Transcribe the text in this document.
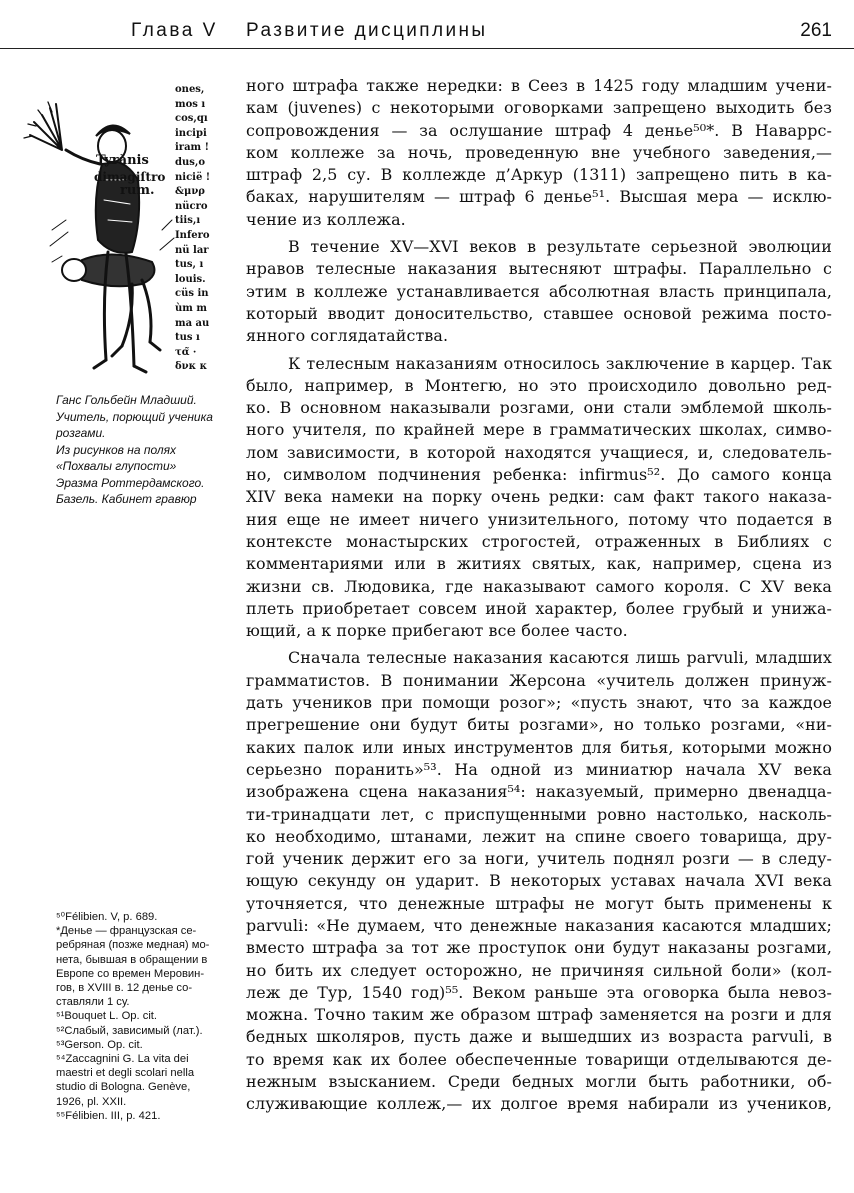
Глава V Развитие дисциплины	261
Tyrănis
dimagiſtro
rum.
ones,
mos ı
cos,qı
incipi
iram !
dus,o
nicië !
&μνρ
nücro
tiis,ı
Infero
nü lar
tus, ı
louis.
cüs in
ùm m
ma au
tus ı
τα̃ ·
δνκ κ
Ганс Гольбейн Младший.
Учитель, порющий ученика
розгами.
Из рисунков на полях
«Похвалы глупости»
Эразма Роттердамского.
Базель. Кабинет гравюр
⁵⁰Félibien. V, p. 689.
*Денье — французская се-
ребряная (позже медная) мо-
нета, бывшая в обращении в
Европе со времен Меровин-
гов, в XVIII в. 12 денье со-
ставляли 1 су.
⁵¹Bouquet L. Op. cit.
⁵²Слабый, зависимый (лат.).
⁵³Gerson. Op. cit.
⁵⁴Zaccagnini G. La vita dei
maestri et degli scolari nella
studio di Bologna. Genève,
1926, pl. XXII.
⁵⁵Félibien. III, p. 421.
ного штрафа также нередки: в Сеез в 1425 году младшим учени-
кам (juvenes) с некоторыми оговорками запрещено выходить без
сопровождения — за ослушание штраф 4 денье⁵⁰*. В Наваррс-
ком коллеже за ночь, проведенную вне учебного заведения,—
штраф 2,5 су. В коллежде д’Аркур (1311) запрещено пить в ка-
баках, нарушителям — штраф 6 денье⁵¹. Высшая мера — исклю-
чение из коллежа.
В течение XV—XVI веков в результате серьезной эволюции
нравов телесные наказания вытесняют штрафы. Параллельно с
этим в коллеже устанавливается абсолютная власть принципала,
который вводит доносительство, ставшее основой режима посто-
янного соглядатайства.
К телесным наказаниям относилось заключение в карцер. Так
было, например, в Монтегю, но это происходило довольно ред-
ко. В основном наказывали розгами, они стали эмблемой школь-
ного учителя, по крайней мере в грамматических школах, симво-
лом зависимости, в которой находятся учащиеся, и, следователь-
но, символом подчинения ребенка: infirmus⁵². До самого конца
XIV века намеки на порку очень редки: сам факт такого наказа-
ния еще не имеет ничего унизительного, потому что подается в
контексте монастырских строгостей, отраженных в Библиях с
комментариями или в житиях святых, как, например, сцена из
жизни св. Людовика, где наказывают самого короля. С XV века
плеть приобретает совсем иной характер, более грубый и унижа-
ющий, а к порке прибегают все более часто.
Сначала телесные наказания касаются лишь parvuli, младших
грамматистов. В понимании Жерсона «учитель должен принуж-
дать учеников при помощи розог»; «пусть знают, что за каждое
прегрешение они будут биты розгами», но только розгами, «ни-
каких палок или иных инструментов для битья, которыми можно
серьезно поранить»⁵³. На одной из миниатюр начала XV века
изображена сцена наказания⁵⁴: наказуемый, примерно двенадца-
ти-тринадцати лет, с приспущенными ровно настолько, насколь-
ко необходимо, штанами, лежит на спине своего товарища, дру-
гой ученик держит его за ноги, учитель поднял розги — в следу-
ющую секунду он ударит. В некоторых уставах начала XVI века
уточняется, что денежные штрафы не могут быть применены к
parvuli: «Не думаем, что денежные наказания касаются младших;
вместо штрафа за тот же проступок они будут наказаны розгами,
но бить их следует осторожно, не причиняя сильной боли» (кол-
леж де Тур, 1540 год)⁵⁵. Веком раньше эта оговорка была невоз-
можна. Точно таким же образом штраф заменяется на розги и для
бедных школяров, пусть даже и вышедших из возраста parvuli, в
то время как их более обеспеченные товарищи отделываются де-
нежным взысканием. Среди бедных могли быть работники, об-
служивающие коллеж,— их долгое время набирали из учеников,
